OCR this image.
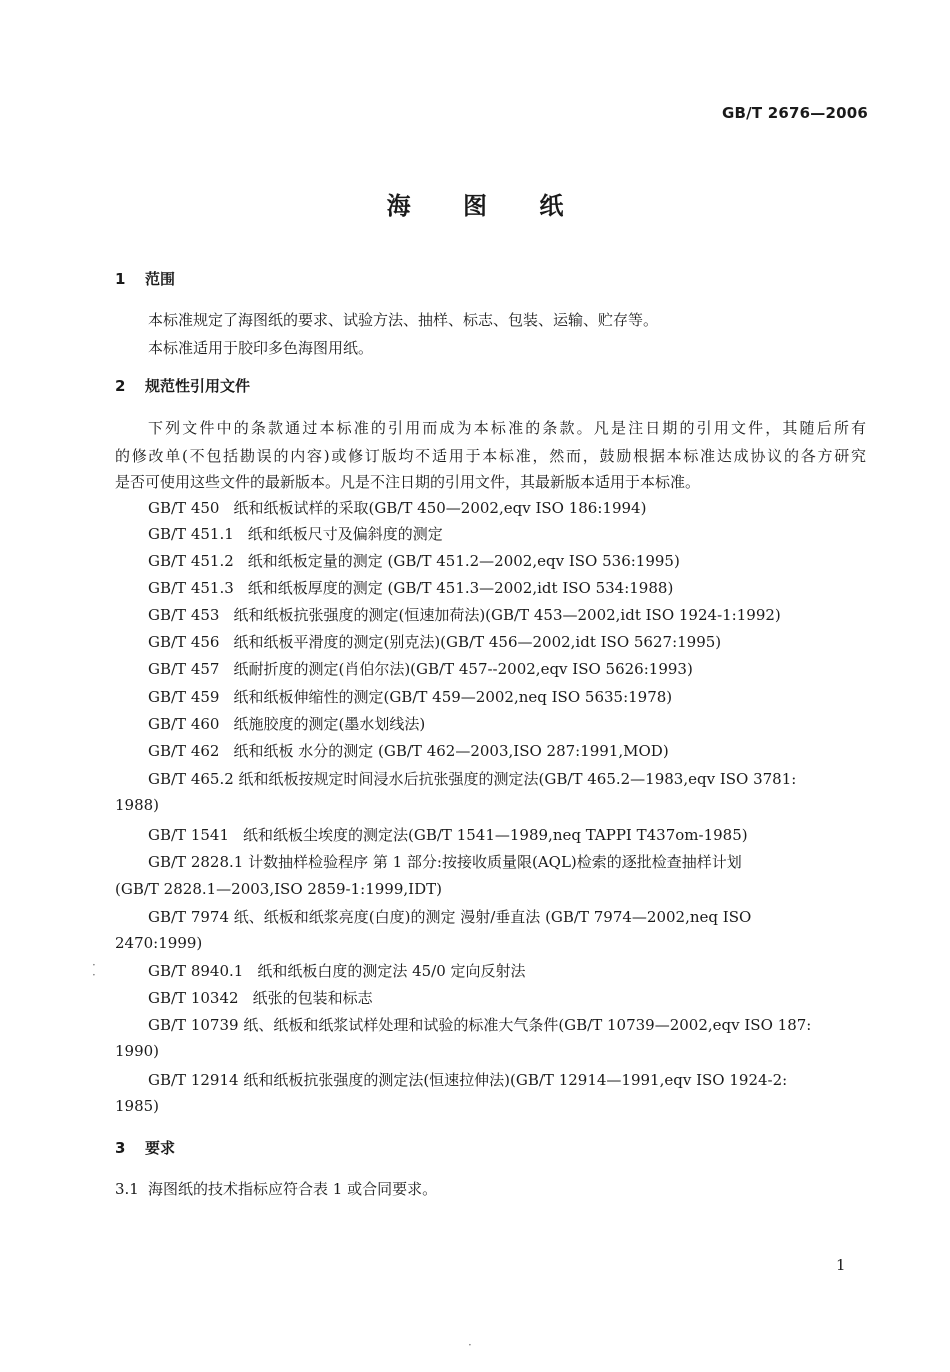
GB/T 2676—2006
海 图 纸
1 范围
本标准规定了海图纸的要求、试验方法、抽样、标志、包装、运输、贮存等。
本标准适用于胶印多色海图用纸。
2 规范性引用文件
下列文件中的条款通过本标准的引用而成为本标准的条款。凡是注日期的引用文件，其随后所有
的修改单(不包括勘误的内容)或修订版均不适用于本标准，然而，鼓励根据本标准达成协议的各方研究
是否可使用这些文件的最新版本。凡是不注日期的引用文件，其最新版本适用于本标准。
GB/T 450 纸和纸板试样的采取(GB/T 450—2002,eqv ISO 186:1994)
GB/T 451.1 纸和纸板尺寸及偏斜度的测定
GB/T 451.2 纸和纸板定量的测定 (GB/T 451.2—2002,eqv ISO 536:1995)
GB/T 451.3 纸和纸板厚度的测定 (GB/T 451.3—2002,idt ISO 534:1988)
GB/T 453 纸和纸板抗张强度的测定(恒速加荷法)(GB/T 453—2002,idt ISO 1924-1:1992)
GB/T 456 纸和纸板平滑度的测定(别克法)(GB/T 456—2002,idt ISO 5627:1995)
GB/T 457 纸耐折度的测定(肖伯尔法)(GB/T 457--2002,eqv ISO 5626:1993)
GB/T 459 纸和纸板伸缩性的测定(GB/T 459—2002,neq ISO 5635:1978)
GB/T 460 纸施胶度的测定(墨水划线法)
GB/T 462 纸和纸板 水分的测定 (GB/T 462—2003,ISO 287:1991,MOD)
GB/T 465.2 纸和纸板按规定时间浸水后抗张强度的测定法(GB/T 465.2—1983,eqv ISO 3781:
1988)
GB/T 1541 纸和纸板尘埃度的测定法(GB/T 1541—1989,neq TAPPI T437om-1985)
GB/T 2828.1 计数抽样检验程序 第 1 部分:按接收质量限(AQL)检索的逐批检查抽样计划
(GB/T 2828.1—2003,ISO 2859-1:1999,IDT)
GB/T 7974 纸、纸板和纸浆亮度(白度)的测定 漫射/垂直法 (GB/T 7974—2002,neq ISO
2470:1999)
GB/T 8940.1 纸和纸板白度的测定法 45/0 定向反射法
GB/T 10342 纸张的包装和标志
GB/T 10739 纸、纸板和纸浆试样处理和试验的标准大气条件(GB/T 10739—2002,eqv ISO 187:
1990)
GB/T 12914 纸和纸板抗张强度的测定法(恒速拉伸法)(GB/T 12914—1991,eqv ISO 1924-2:
1985)
3 要求
3.1 海图纸的技术指标应符合表 1 或合同要求。
1
·
·
·
